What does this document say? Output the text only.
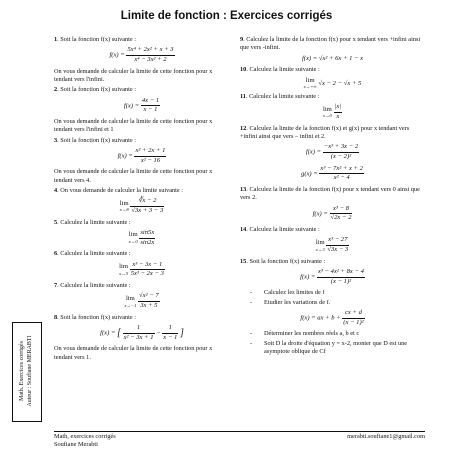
Limite de fonction : Exercices corrigés
1. Soit la fonction f(x) suivante :
$f(x) = \frac{\text{5x⁴ + 2x² + x + 3}}{\text{x⁴ − 3x² + 2}}$
On vous demande de calculer la limite de cette fonction pour x tendant vers l'infini.
2. Soit la fonction f(x) suivante :
$f(x) = \frac{4x - 1}{x - 1}$
On vous demande de calculer la limite de cette fonction pour x tendant vers l'infini et 1
3. Soit la fonction f(x) suivante :
$f(x) = \frac{\text{x² + 2x + 1}}{\text{x² − 16}}$
On vous demande de calculer la limite de cette fonction pour x tendant vers 4.
4. On vous demande de calculer la limite suivante :
lim
x→8
$\frac{∛x - 2}{√3x + 3 - 3}$
5. Calculez la limite suivante :
lim
x→0
$\frac{\sin 5x}{\sin 2x}$
6. Calculez la limite suivante :
lim
x→5
$\frac{\text{x³ − 3x − 1}}{\text{5x³ − 2x − 3}}$
7. Calculez la limite suivante :
lim
x→−1
$\frac{\text{√x² − 7}}{3x + 5}$
8. Soit la fonction f(x) suivante :
f(x) = [ $\frac{1}{\text{x² − 3x + 1}} - \frac{1}{x - 1}$ ]
On vous demande de calculer la limite de cette fonction pour x tendant vers 1.
9. Calculez la limite de la fonction f(x) pour x tendant vers +infini ainsi que vers -infini.
f(x) = √x² + 6x + 1 − x
10. Calculez la limite suivante :
lim
x→+∞
√x − 2 − √x + 5
11. Calculez la limite suivante :
lim
x→0
$\frac{|x|}{x}$
12. Calculez la limite de la fonction f(x) et g(x) pour x tendant vers +infini ainsi que vers – infini et 2.
$f(x) = \frac{\text{−x³ + 3x − 2}}{\text{(x − 2)²}}$
$g(x) = \frac{\text{x³ − 7x² + x + 2}}{\text{x² − 4}}$
13. Calculez la limite de la fonction f(x) pour x tendant vers 0 ainsi que vers 2.
$f(x) = \frac{\text{x³ − 8}}{√2x - 2}$
14. Calculez la limite suivante :
lim
x→3
$\frac{\text{x³ − 27}}{√3x - 3}$
15. Soit la fonction f(x) suivante :
$f(x) = \frac{\text{x³ − 4x² + 8x − 4}}{\text{(x − 1)²}}$
- Calculez les limites de f
- Etudier les variations de f.
f(x) = ax + $b + \frac{cx + d}{\text{(x − 1)²}}$
- Déterminer les nombres réels a, b et c
- Soit D la droite d'équation y = x-2, monter que D est une asymptote oblique de Cf
Math. Exercices corrigés Auteur : Soufiane MERABTI
Math, exercices corrigés
Soufiane Merabti
merabti.soufiane1@gmail.com
